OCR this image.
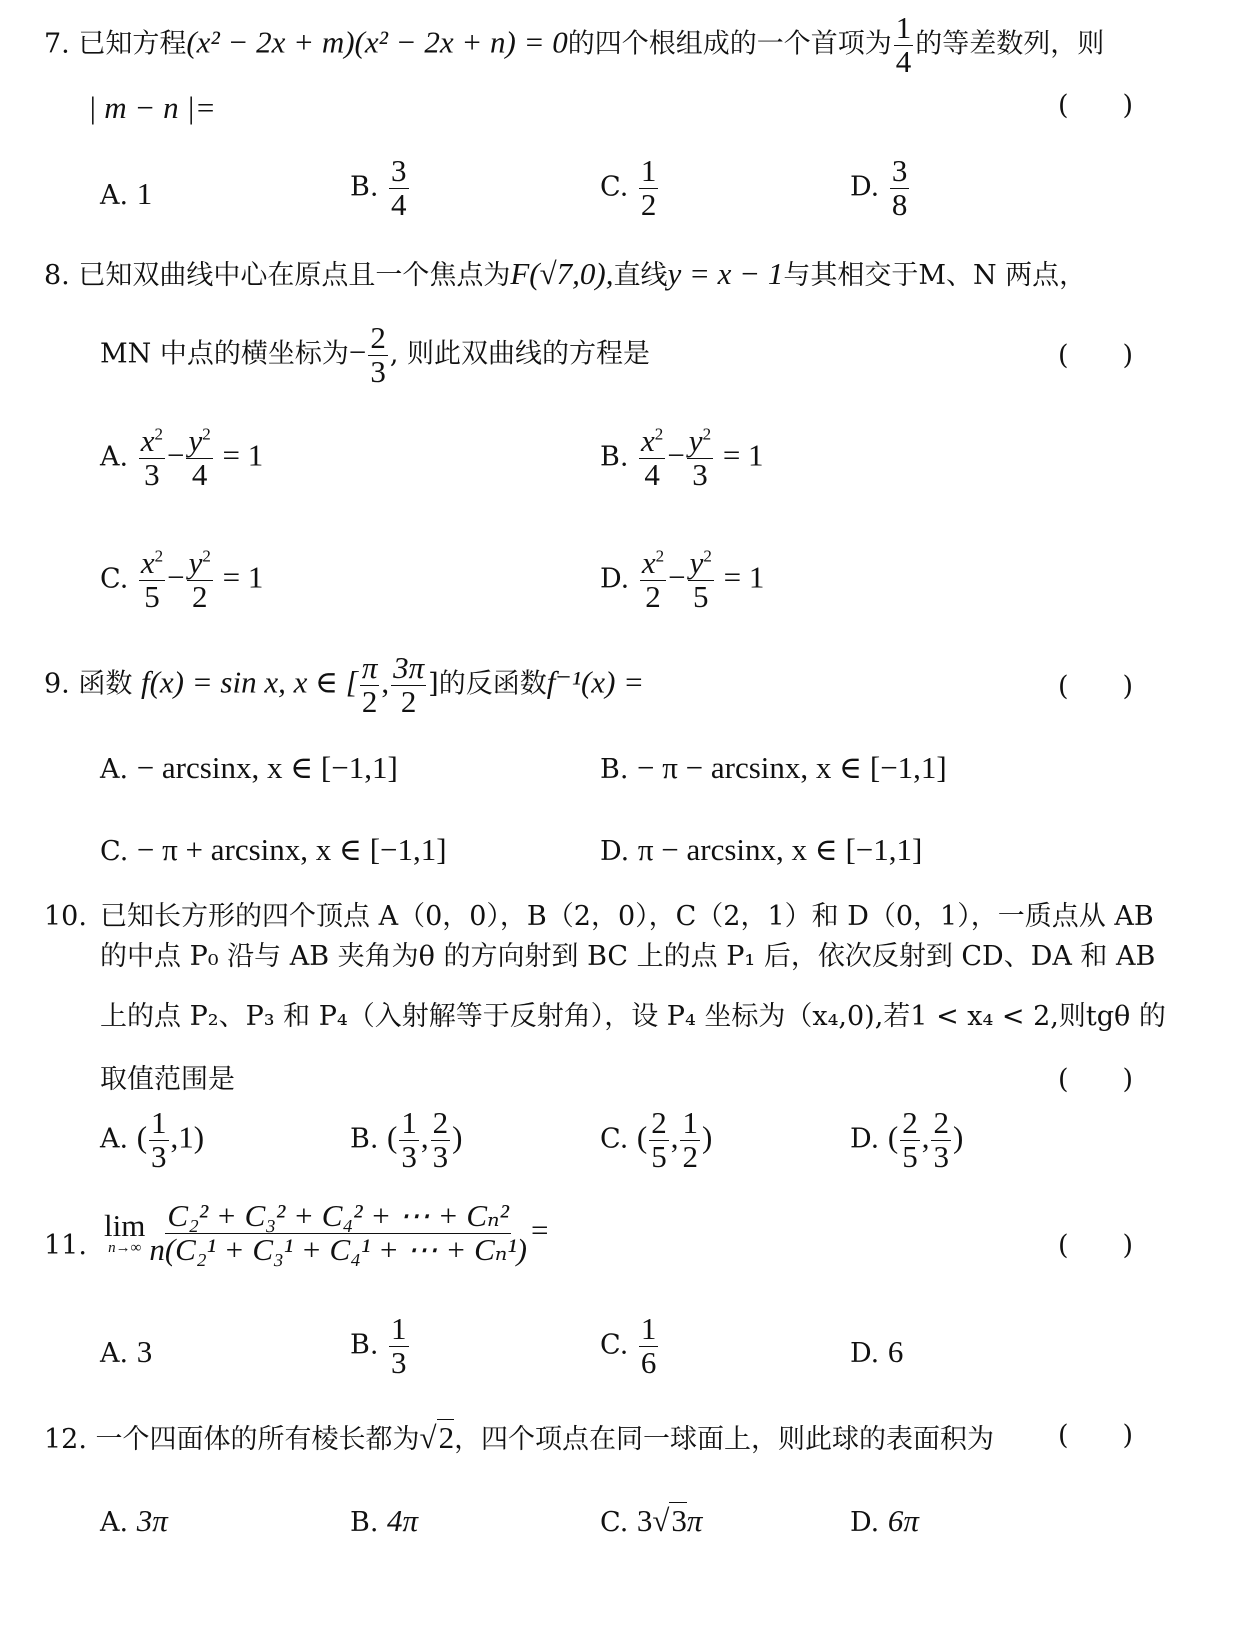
7. 已知方程(x² − 2x + m)(x² − 2x + n) = 0的四个根组成的一个首项为 $\frac{1}{4}$ 的等差数列，则
| m − n |=	(　　)
A. 1	B. $\frac{3}{4}$	C. $\frac{1}{2}$	D. $\frac{3}{8}$
8. 已知双曲线中心在原点且一个焦点为F(√7,0),直线y = x − 1与其相交于M、N 两点，
MN 中点的横坐标为− $\frac{2}{3}$ , 则此双曲线的方程是	(　　)
A. $\frac{x^2}{3} - \frac{y^2}{4} = 1$	B. $\frac{x^2}{4} - \frac{y^2}{3} = 1$
C. $\frac{x^2}{5} - \frac{y^2}{2} = 1$	D. $\frac{x^2}{2} - \frac{y^2}{5} = 1$
9. 函数 f(x) = sin x, x ∈ [ $\frac{\pi}{2}$ , $\frac{3\pi}{2}$ ]的反函数f⁻¹(x) =	(　　)
A. − arcsinx, x ∈ [−1,1]	B. − π − arcsinx, x ∈ [−1,1]
C. − π + arcsinx, x ∈ [−1,1]	D. π − arcsinx, x ∈ [−1,1]
10. 已知长方形的四个顶点 A（0，0），B（2，0），C（2，1）和 D（0，1），一质点从 AB
的中点 P₀ 沿与 AB 夹角为θ 的方向射到 BC 上的点 P₁ 后，依次反射到 CD、DA 和 AB
上的点 P₂、P₃ 和 P₄（入射解等于反射角），设 P₄ 坐标为（x₄,0),若1 < x₄ < 2,则tgθ 的
取值范围是	(　　)
A. ( $\frac{1}{3} ,1$)	B. ( $\frac{1}{3}$ , $\frac{2}{3}$ )	C. ( $\frac{2}{5}$ , $\frac{1}{2}$ )	D. ( $\frac{2}{5}$ , $\frac{2}{3}$ )
11.
lim
$n\to\infty \frac{\text{C₂² + C₃² + C₄² + ⋯ + Cₙ²}}{\text{n(C₂¹ + C₃¹ + C₄¹ + ⋯ + Cₙ¹)}}$ =	(　　)
A. 3	B. $\frac{1}{3}$	C. $\frac{1}{6}$	D. 6
12. 一个四面体的所有棱长都为√2，四个项点在同一球面上，则此球的表面积为 (　　)
A. 3π	B. 4π	C. 3√3π	D. 6π
